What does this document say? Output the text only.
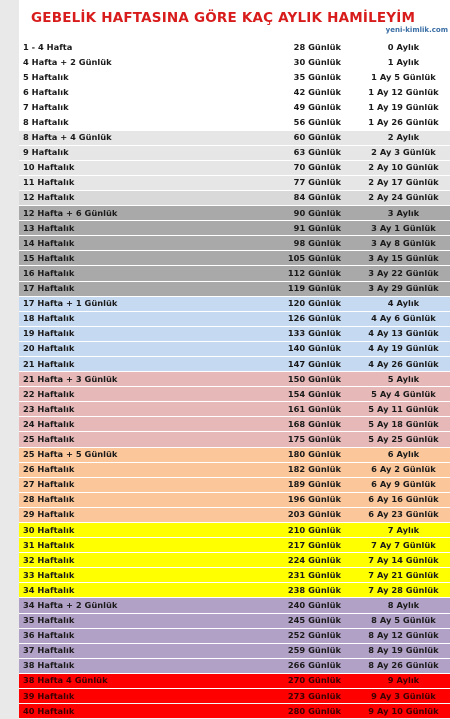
GEBELİK HAFTASINA GÖRE KAÇ AYLIK HAMİLEYİM
yeni-kimlik.com
1 - 4 Hafta	28 Günlük	0 Aylık
4 Hafta + 2 Günlük	30 Günlük	1 Aylık
5 Haftalık	35 Günlük	1 Ay 5 Günlük
6 Haftalık	42 Günlük	1 Ay 12 Günlük
7 Haftalık	49 Günlük	1 Ay 19 Günlük
8 Haftalık	56 Günlük	1 Ay 26 Günlük
8 Hafta + 4 Günlük	60 Günlük	2 Aylık
9 Haftalık	63 Günlük	2 Ay 3 Günlük
10 Haftalık	70 Günlük	2 Ay 10 Günlük
11 Haftalık	77 Günlük	2 Ay 17 Günlük
12 Haftalık	84 Günlük	2 Ay 24 Günlük
12 Hafta + 6 Günlük	90 Günlük	3 Aylık
13 Haftalık	91 Günlük	3 Ay 1 Günlük
14 Haftalık	98 Günlük	3 Ay 8 Günlük
15 Haftalık	105 Günlük	3 Ay 15 Günlük
16 Haftalık	112 Günlük	3 Ay 22 Günlük
17 Haftalık	119 Günlük	3 Ay 29 Günlük
17 Hafta + 1 Günlük	120 Günlük	4 Aylık
18 Haftalık	126 Günlük	4 Ay 6 Günlük
19 Haftalık	133 Günlük	4 Ay 13 Günlük
20 Haftalık	140 Günlük	4 Ay 19 Günlük
21 Haftalık	147 Günlük	4 Ay 26 Günlük
21 Hafta + 3 Günlük	150 Günlük	5 Aylık
22 Haftalık	154 Günlük	5 Ay 4 Günlük
23 Haftalık	161 Günlük	5 Ay 11 Günlük
24 Haftalık	168 Günlük	5 Ay 18 Günlük
25 Haftalık	175 Günlük	5 Ay 25 Günlük
25 Hafta + 5 Günlük	180 Günlük	6 Aylık
26 Haftalık	182 Günlük	6 Ay 2 Günlük
27 Haftalık	189 Günlük	6 Ay 9 Günlük
28 Haftalık	196 Günlük	6 Ay 16 Günlük
29 Haftalık	203 Günlük	6 Ay 23 Günlük
30 Haftalık	210 Günlük	7 Aylık
31 Haftalık	217 Günlük	7 Ay 7 Günlük
32 Haftalık	224 Günlük	7 Ay 14 Günlük
33 Haftalık	231 Günlük	7 Ay 21 Günlük
34 Haftalık	238 Günlük	7 Ay 28 Günlük
34 Hafta + 2 Günlük	240 Günlük	8 Aylık
35 Haftalık	245 Günlük	8 Ay 5 Günlük
36 Haftalık	252 Günlük	8 Ay 12 Günlük
37 Haftalık	259 Günlük	8 Ay 19 Günlük
38 Haftalık	266 Günlük	8 Ay 26 Günlük
38 Hafta 4 Günlük	270 Günlük	9 Aylık
39 Haftalık	273 Günlük	9 Ay 3 Günlük
40 Haftalık	280 Günlük	9 Ay 10 Günlük
